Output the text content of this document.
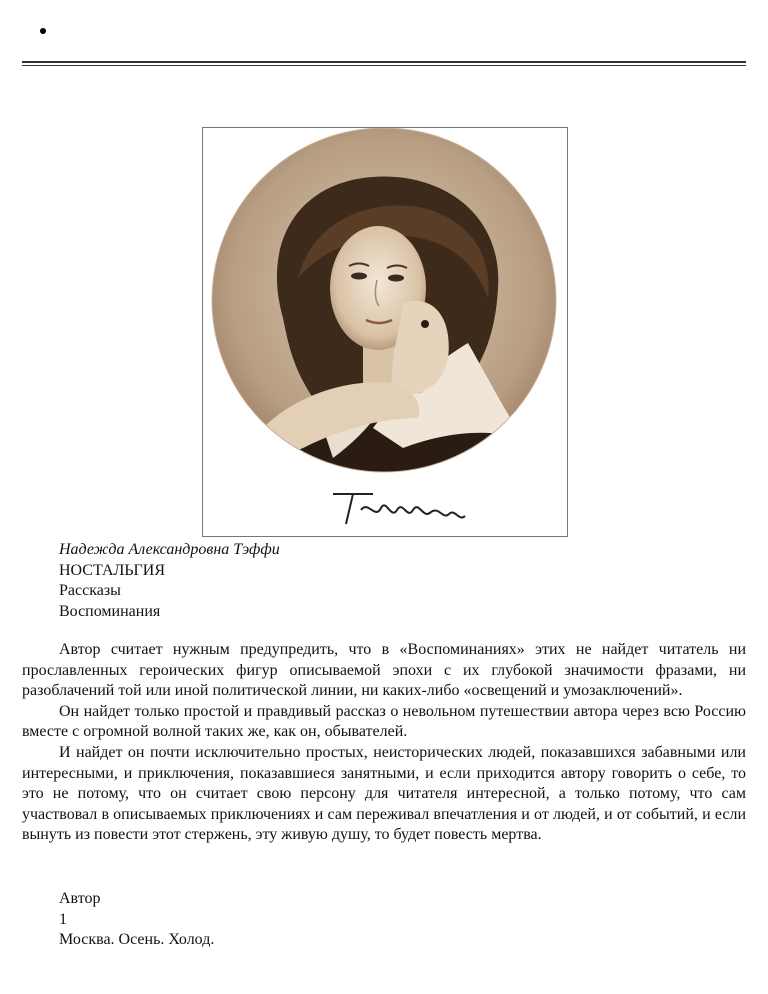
Надежда Александровна Тэффи
НОСТАЛЬГИЯ
Рассказы
Воспоминания

Автор считает нужным предупредить, что в «Воспоминаниях» этих не найдет читатель ни прославленных героических фигур описываемой эпохи с их глубокой значимости фразами, ни разоблачений той или иной политической линии, ни каких-либо «освещений и умозаключений».

Он найдет только простой и правдивый рассказ о невольном путешествии автора через всю Россию вместе с огромной волной таких же, как он, обывателей.

И найдет он почти исключительно простых, неисторических людей, показавшихся забавными или интересными, и приключения, показавшиеся занятными, и если приходится автору говорить о себе, то это не потому, что он считает свою персону для читателя интересной, а только потому, что сам участвовал в описываемых приключениях и сам переживал впечатления и от людей, и от событий, и если вынуть из повести этот стержень, эту живую душу, то будет повесть мертва.

Автор
1
Москва. Осень. Холод.
